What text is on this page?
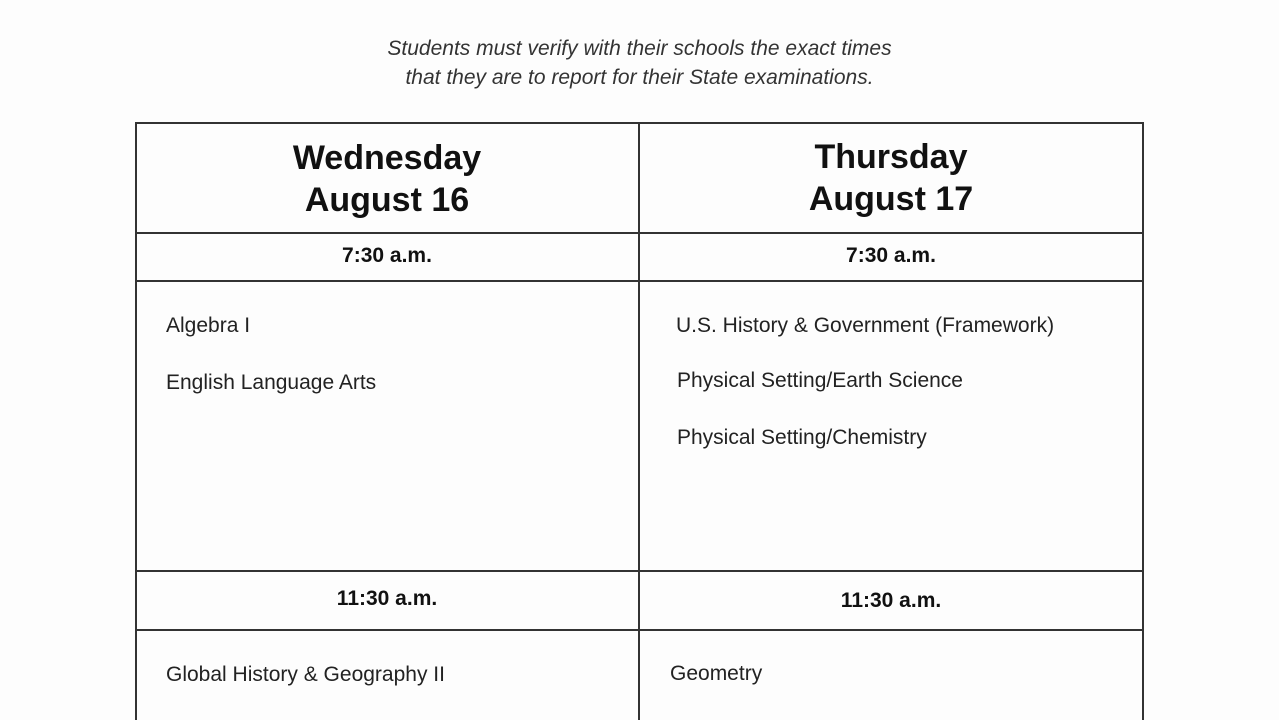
Students must verify with their schools the exact times
that they are to report for their State examinations.
Wednesday
August 16
7:30 a.m.
Algebra I
English Language Arts
11:30 a.m.
Global History & Geography II
Thursday
August 17
7:30 a.m.
U.S. History & Government (Framework)
Physical Setting/Earth Science
Physical Setting/Chemistry
11:30 a.m.
Geometry
